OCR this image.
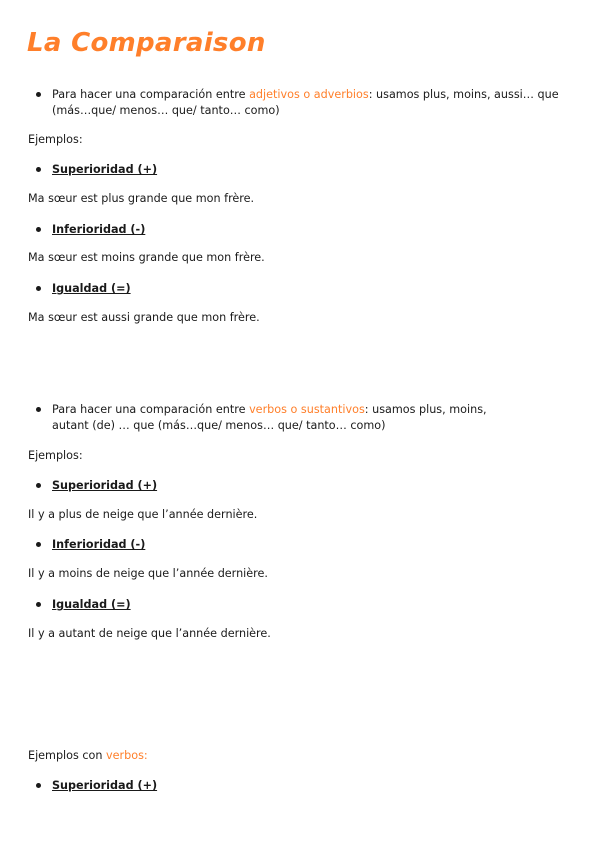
La Comparaison
Para hacer una comparación entre adjetivos o adverbios: usamos plus, moins, aussi… que
(más…que/ menos… que/ tanto… como)
Ejemplos:
Superioridad (+)
Ma sœur est plus grande que mon frère.
Inferioridad (-)
Ma sœur est moins grande que mon frère.
Igualdad (=)
Ma sœur est aussi grande que mon frère.
Para hacer una comparación entre verbos o sustantivos: usamos plus, moins,
autant (de) … que (más…que/ menos… que/ tanto… como)
Ejemplos:
Superioridad (+)
Il y a plus de neige que l’année dernière.
Inferioridad (-)
Il y a moins de neige que l’année dernière.
Igualdad (=)
Il y a autant de neige que l’année dernière.
Ejemplos con verbos:
Superioridad (+)
